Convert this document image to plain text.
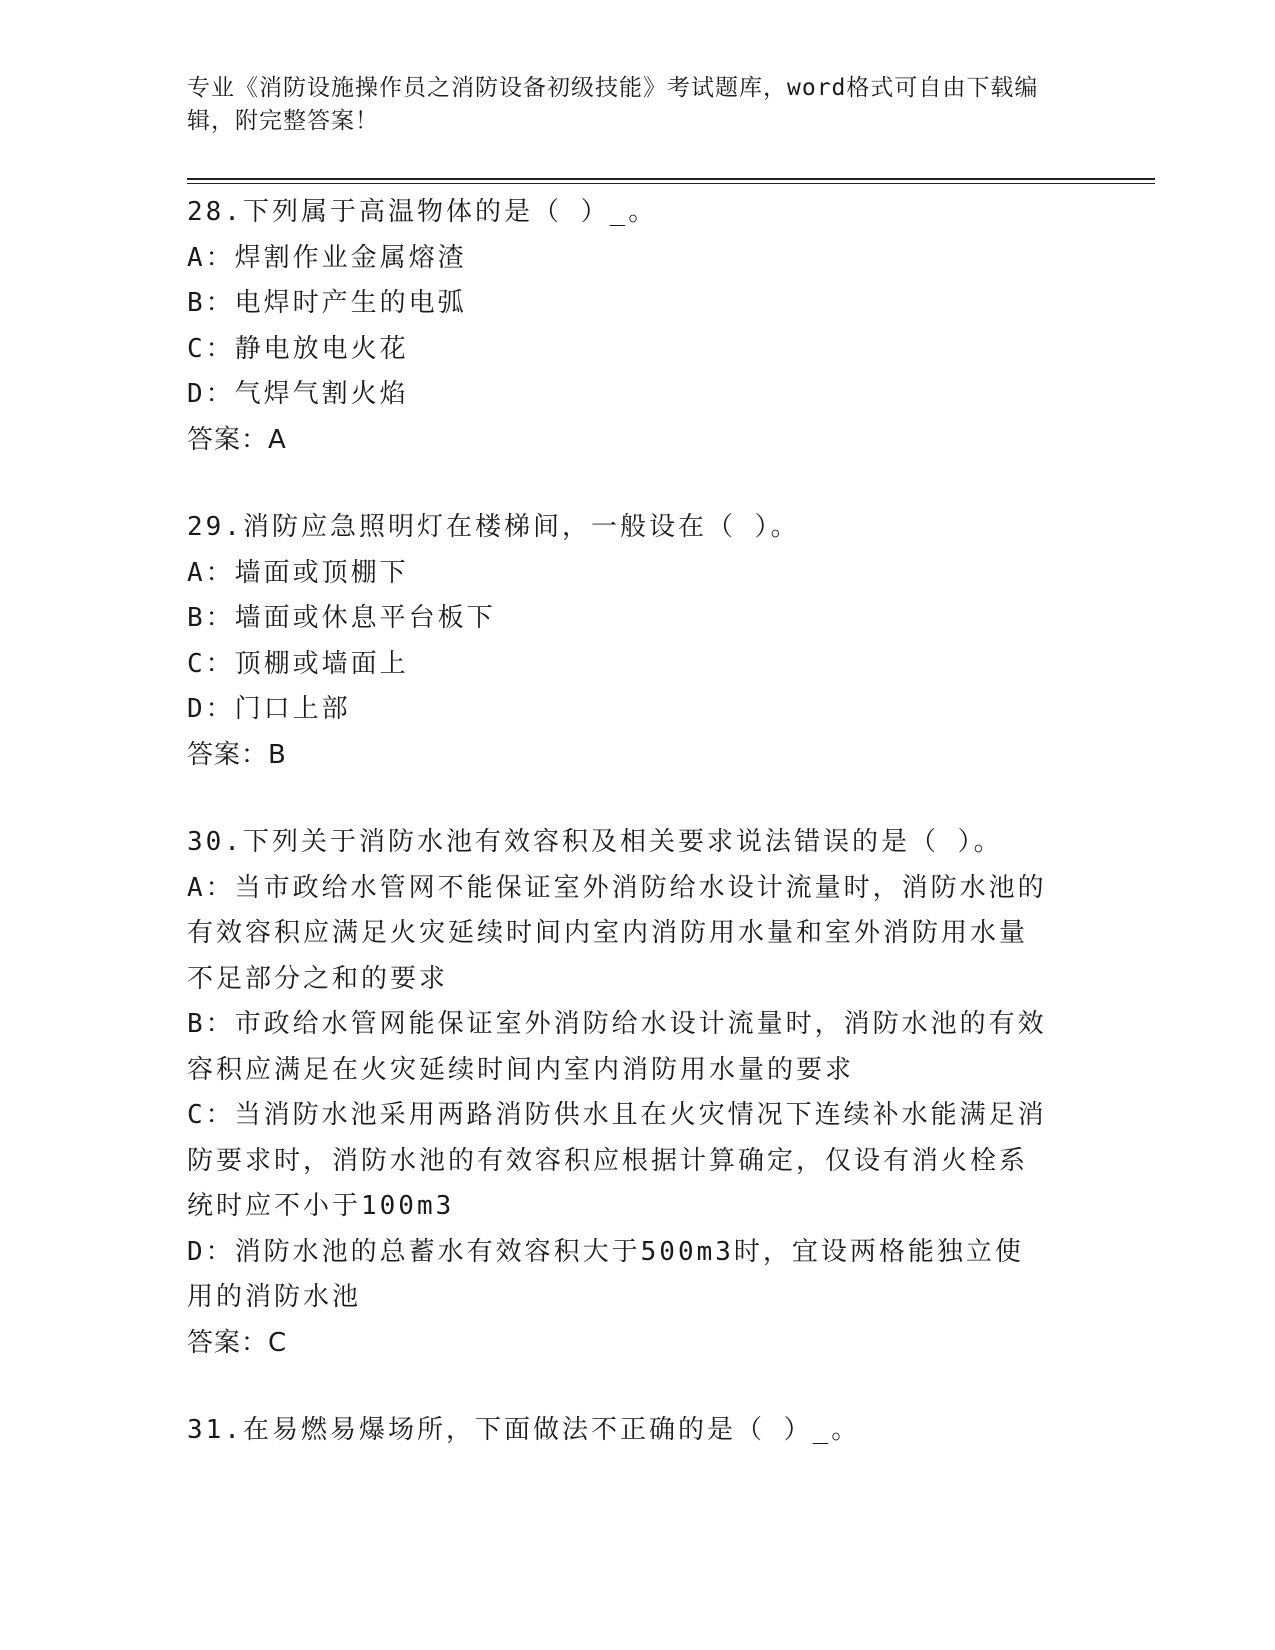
专业《消防设施操作员之消防设备初级技能》考试题库，word格式可自由下载编
辑，附完整答案！
28.下列属于高温物体的是（ ）_。
A：焊割作业金属熔渣
B：电焊时产生的电弧
C：静电放电火花
D：气焊气割火焰
答案：A
29.消防应急照明灯在楼梯间，一般设在（ ）。
A：墙面或顶棚下
B：墙面或休息平台板下
C：顶棚或墙面上
D：门口上部
答案：B
30.下列关于消防水池有效容积及相关要求说法错误的是（ ）。
A：当市政给水管网不能保证室外消防给水设计流量时，消防水池的有效容积应满足火灾延续时间内室内消防用水量和室外消防用水量不足部分之和的要求
B：市政给水管网能保证室外消防给水设计流量时，消防水池的有效容积应满足在火灾延续时间内室内消防用水量的要求
C：当消防水池采用两路消防供水且在火灾情况下连续补水能满足消防要求时，消防水池的有效容积应根据计算确定，仅设有消火栓系统时应不小于100m3
D：消防水池的总蓄水有效容积大于500m3时，宜设两格能独立使用的消防水池
答案：C
31.在易燃易爆场所，下面做法不正确的是（ ）_。
